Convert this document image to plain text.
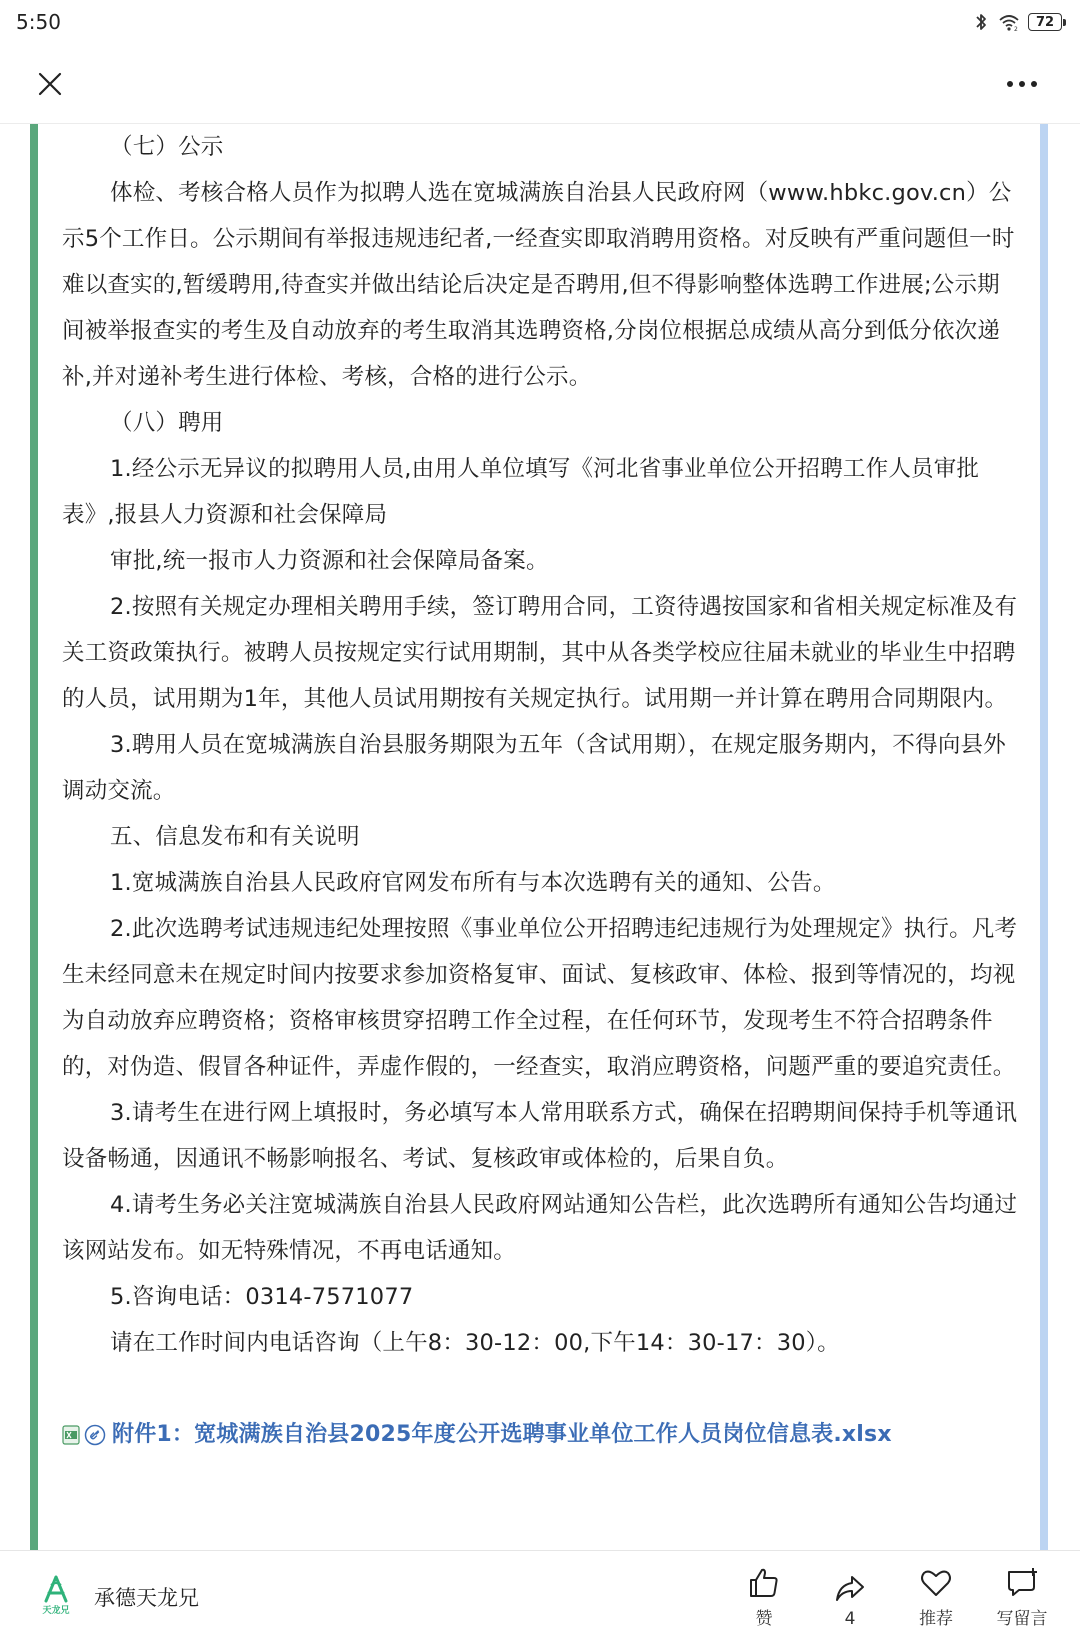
5:50	2	72

（七）公示

体检、考核合格人员作为拟聘人选在宽城满族自治县人民政府网（www.hbkc.gov.cn）公示5个工作日。公示期间有举报违规违纪者,一经查实即取消聘用资格。对反映有严重问题但一时难以查实的,暂缓聘用,待查实并做出结论后决定是否聘用,但不得影响整体选聘工作进展;公示期间被举报查实的考生及自动放弃的考生取消其选聘资格,分岗位根据总成绩从高分到低分依次递补,并对递补考生进行体检、考核，合格的进行公示。

（八）聘用

1.经公示无异议的拟聘用人员,由用人单位填写《河北省事业单位公开招聘工作人员审批表》,报县人力资源和社会保障局

审批,统一报市人力资源和社会保障局备案。

2.按照有关规定办理相关聘用手续，签订聘用合同，工资待遇按国家和省相关规定标准及有关工资政策执行。被聘人员按规定实行试用期制，其中从各类学校应往届未就业的毕业生中招聘的人员，试用期为1年，其他人员试用期按有关规定执行。试用期一并计算在聘用合同期限内。

3.聘用人员在宽城满族自治县服务期限为五年（含试用期），在规定服务期内，不得向县外调动交流。

五、信息发布和有关说明

1.宽城满族自治县人民政府官网发布所有与本次选聘有关的通知、公告。

2.此次选聘考试违规违纪处理按照《事业单位公开招聘违纪违规行为处理规定》执行。凡考生未经同意未在规定时间内按要求参加资格复审、面试、复核政审、体检、报到等情况的，均视为自动放弃应聘资格；资格审核贯穿招聘工作全过程，在任何环节，发现考生不符合招聘条件的，对伪造、假冒各种证件，弄虚作假的，一经查实，取消应聘资格，问题严重的要追究责任。

3.请考生在进行网上填报时，务必填写本人常用联系方式，确保在招聘期间保持手机等通讯设备畅通，因通讯不畅影响报名、考试、复核政审或体检的，后果自负。

4.请考生务必关注宽城满族自治县人民政府网站通知公告栏，此次选聘所有通知公告均通过该网站发布。如无特殊情况，不再电话通知。

5.咨询电话：0314-7571077

请在工作时间内电话咨询（上午8：30-12：00,下午14：30-17：30）。

附件1：宽城满族自治县2025年度公开选聘事业单位工作人员岗位信息表.xlsx
天龙兄
承德天龙兄
赞	4	推荐	写留言
